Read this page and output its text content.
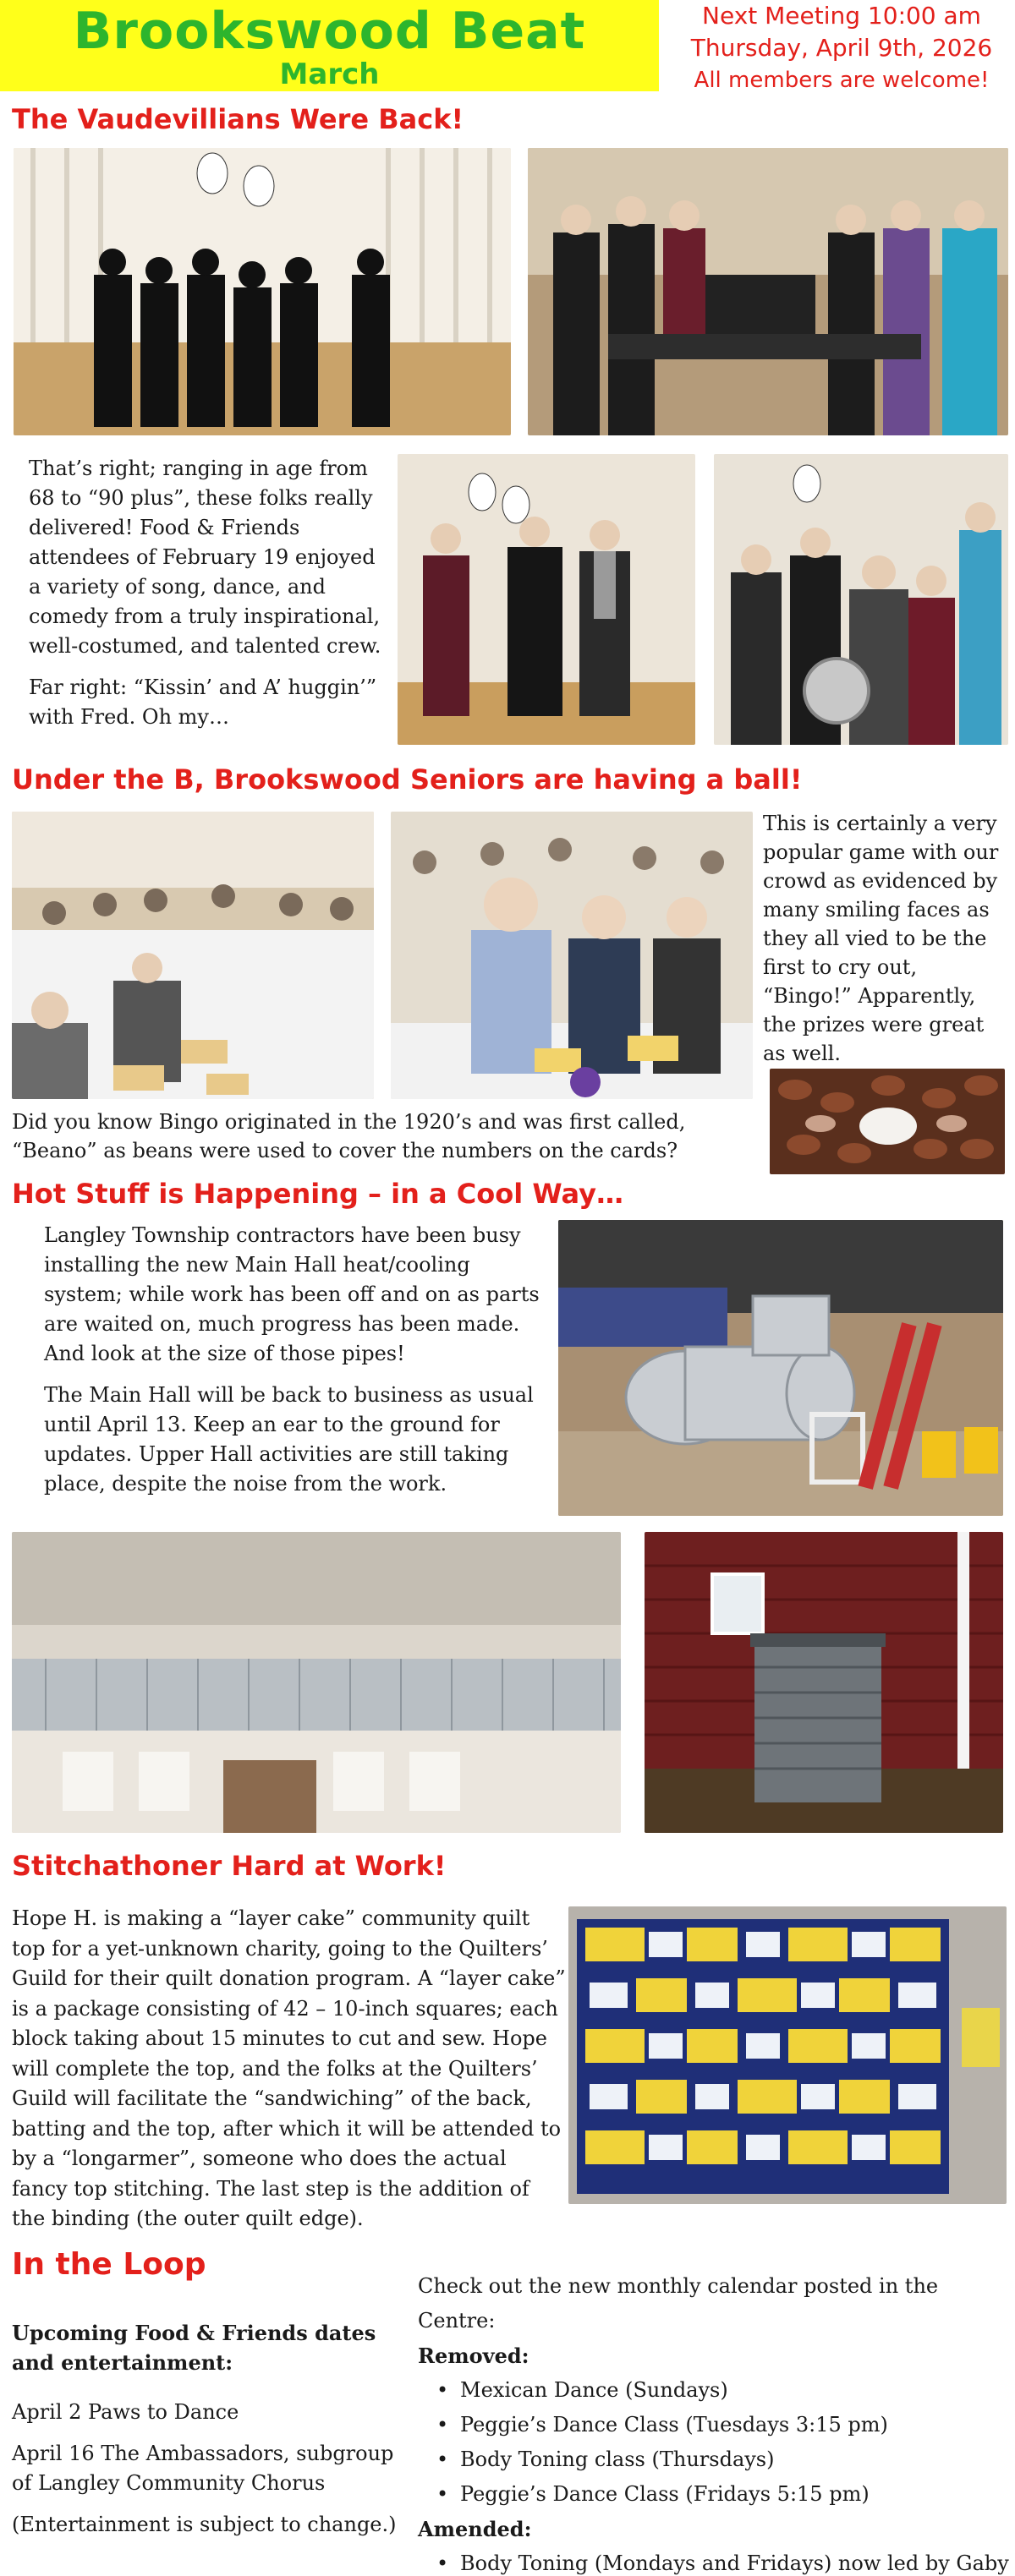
Brookswood Beat
March
Next Meeting 10:00 am
Thursday, April 9th, 2026
All members are welcome!
The Vaudevillians Were Back!

That’s right; ranging in age from 68 to “90 plus”, these folks really delivered! Food & Friends attendees of February 19 enjoyed a variety of song, dance, and comedy from a truly inspirational, well-costumed, and talented crew.

Far right: “Kissin’ and A’ huggin’” with Fred. Oh my…

Under the B, Brookswood Seniors are having a ball!
This is certainly a very popular game with our crowd as evidenced by many smiling faces as they all vied to be the first to cry out, “Bingo!” Apparently, the prizes were great as well.
Did you know Bingo originated in the 1920’s and was first called, “Beano” as beans were used to cover the numbers on the cards?
Hot Stuff is Happening – in a Cool Way…

Langley Township contractors have been busy installing the new Main Hall heat/cooling system; while work has been off and on as parts are waited on, much progress has been made. And look at the size of those pipes!

The Main Hall will be back to business as usual until April 13. Keep an ear to the ground for updates. Upper Hall activities are still taking place, despite the noise from the work.

Stitchathoner Hard at Work!
Hope H. is making a “layer cake” community quilt top for a yet-unknown charity, going to the Quilters’ Guild for their quilt donation program. A “layer cake” is a package consisting of 42 – 10-inch squares; each block taking about 15 minutes to cut and sew. Hope will complete the top, and the folks at the Quilters’ Guild will facilitate the “sandwiching” of the back, batting and the top, after which it will be attended to by a “longarmer”, someone who does the actual fancy top stitching. The last step is the addition of the binding (the outer quilt edge).
In the Loop

Upcoming Food & Friends dates and entertainment:

April 2 Paws to Dance

April 16 The Ambassadors, subgroup of Langley Community Chorus

(Entertainment is subject to change.)

Check out the new monthly calendar posted in the Centre:
Removed:
• Mexican Dance (Sundays)
• Peggie’s Dance Class (Tuesdays 3:15 pm)
• Body Toning class (Thursdays)
• Peggie’s Dance Class (Fridays 5:15 pm)
Amended:
• Body Toning (Mondays and Fridays) now led by Gaby
